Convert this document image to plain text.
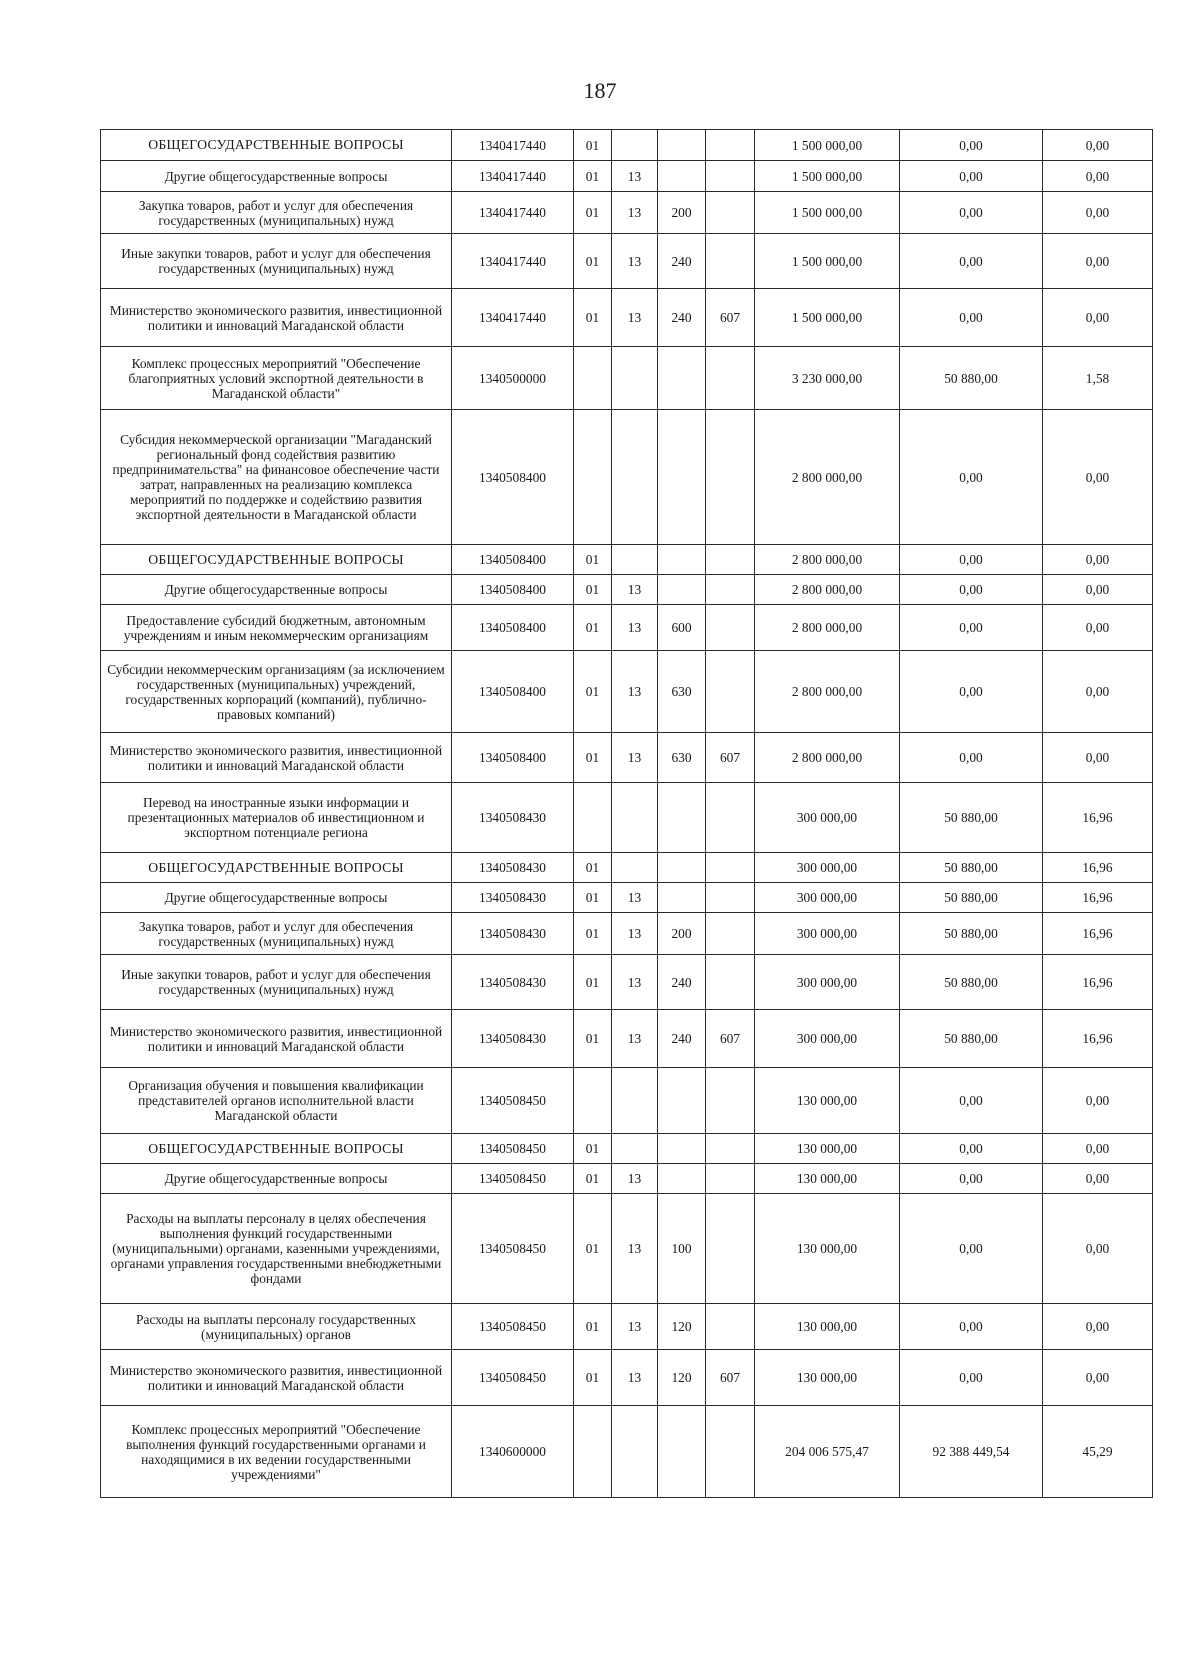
187
ОБЩЕГОСУДАРСТВЕННЫЕ ВОПРОСЫ	1340417440	01				1 500 000,00	0,00	0,00
Другие общегосударственные вопросы	1340417440	01	13			1 500 000,00	0,00	0,00
Закупка товаров, работ и услуг для обеспечения государственных (муниципальных) нужд	1340417440	01	13	200		1 500 000,00	0,00	0,00
Иные закупки товаров, работ и услуг для обеспечения государственных (муниципальных) нужд	1340417440	01	13	240		1 500 000,00	0,00	0,00
Министерство экономического развития, инвестиционной политики и инноваций Магаданской области	1340417440	01	13	240	607	1 500 000,00	0,00	0,00
Комплекс процессных мероприятий "Обеспечение благоприятных условий экспортной деятельности в Магаданской области"	1340500000					3 230 000,00	50 880,00	1,58
Субсидия некоммерческой организации "Магаданский региональный фонд содействия развитию предпринимательства" на финансовое обеспечение части затрат, направленных на реализацию комплекса мероприятий по поддержке и содействию развития экспортной деятельности в Магаданской области	1340508400					2 800 000,00	0,00	0,00
ОБЩЕГОСУДАРСТВЕННЫЕ ВОПРОСЫ	1340508400	01				2 800 000,00	0,00	0,00
Другие общегосударственные вопросы	1340508400	01	13			2 800 000,00	0,00	0,00
Предоставление субсидий бюджетным, автономным учреждениям и иным некоммерческим организациям	1340508400	01	13	600		2 800 000,00	0,00	0,00
Субсидии некоммерческим организациям (за исключением государственных (муниципальных) учреждений, государственных корпораций (компаний), публично-правовых компаний)	1340508400	01	13	630		2 800 000,00	0,00	0,00
Министерство экономического развития, инвестиционной политики и инноваций Магаданской области	1340508400	01	13	630	607	2 800 000,00	0,00	0,00
Перевод на иностранные языки информации и презентационных материалов об инвестиционном и экспортном потенциале региона	1340508430					300 000,00	50 880,00	16,96
ОБЩЕГОСУДАРСТВЕННЫЕ ВОПРОСЫ	1340508430	01				300 000,00	50 880,00	16,96
Другие общегосударственные вопросы	1340508430	01	13			300 000,00	50 880,00	16,96
Закупка товаров, работ и услуг для обеспечения государственных (муниципальных) нужд	1340508430	01	13	200		300 000,00	50 880,00	16,96
Иные закупки товаров, работ и услуг для обеспечения государственных (муниципальных) нужд	1340508430	01	13	240		300 000,00	50 880,00	16,96
Министерство экономического развития, инвестиционной политики и инноваций Магаданской области	1340508430	01	13	240	607	300 000,00	50 880,00	16,96
Организация обучения и повышения квалификации представителей органов исполнительной власти Магаданской области	1340508450					130 000,00	0,00	0,00
ОБЩЕГОСУДАРСТВЕННЫЕ ВОПРОСЫ	1340508450	01				130 000,00	0,00	0,00
Другие общегосударственные вопросы	1340508450	01	13			130 000,00	0,00	0,00
Расходы на выплаты персоналу в целях обеспечения выполнения функций государственными (муниципальными) органами, казенными учреждениями, органами управления государственными внебюджетными фондами	1340508450	01	13	100		130 000,00	0,00	0,00
Расходы на выплаты персоналу государственных (муниципальных) органов	1340508450	01	13	120		130 000,00	0,00	0,00
Министерство экономического развития, инвестиционной политики и инноваций Магаданской области	1340508450	01	13	120	607	130 000,00	0,00	0,00
Комплекс процессных мероприятий "Обеспечение выполнения функций государственными органами и находящимися в их ведении государственными учреждениями"	1340600000					204 006 575,47	92 388 449,54	45,29
